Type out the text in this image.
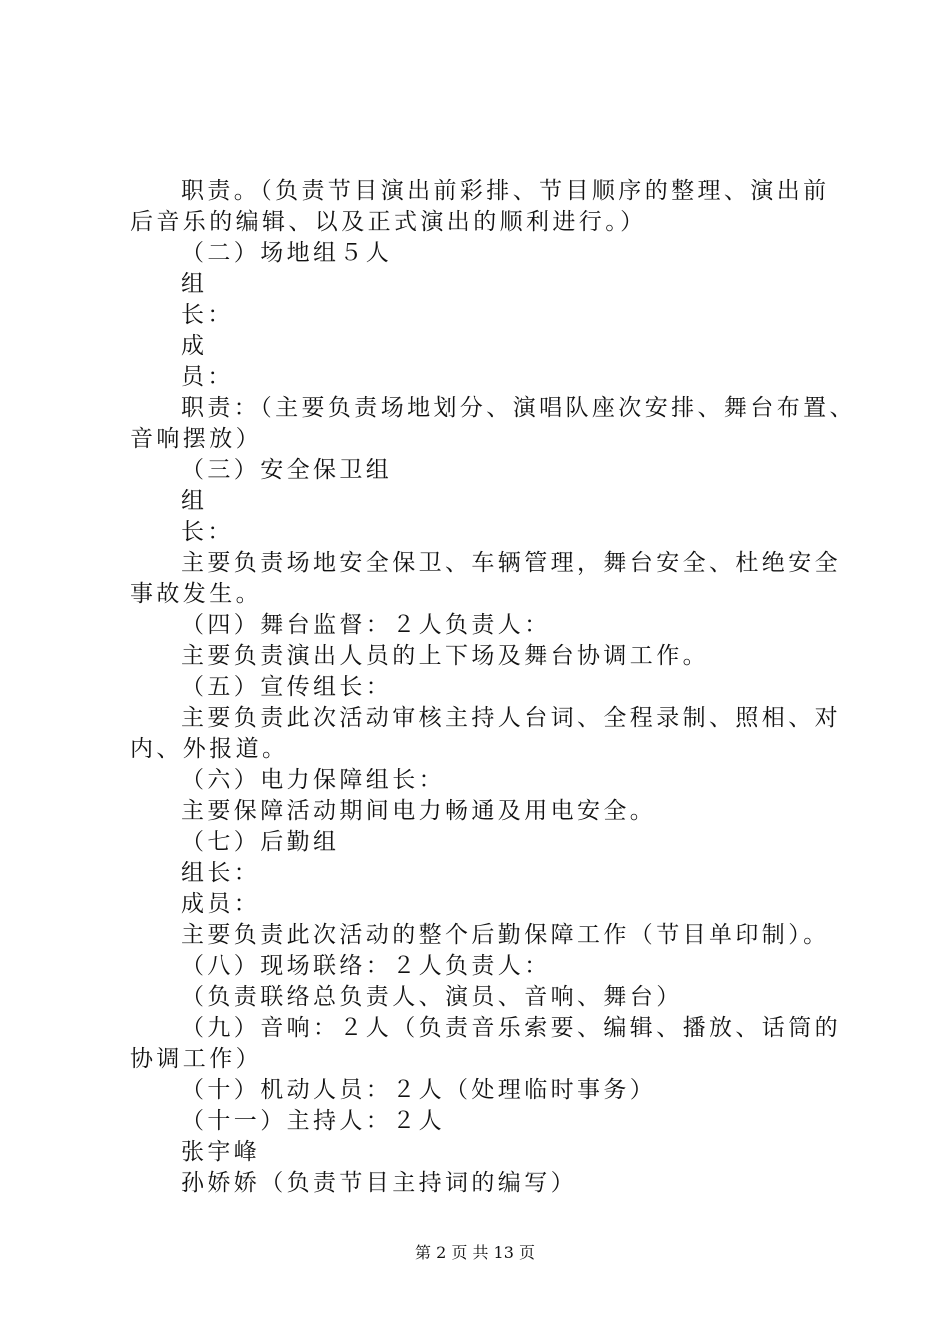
职责。（负责节目演出前彩排、节目顺序的整理、演出前
后音乐的编辑、以及正式演出的顺利进行。）
（二）场地组５人
组
长：
成
员：
职责：（主要负责场地划分、演唱队座次安排、舞台布置、
音响摆放）
（三）安全保卫组
组
长：
主要负责场地安全保卫、车辆管理，舞台安全、杜绝安全
事故发生。
（四）舞台监督：２人负责人：
主要负责演出人员的上下场及舞台协调工作。
（五）宣传组长：
主要负责此次活动审核主持人台词、全程录制、照相、对
内、外报道。
（六）电力保障组长：
主要保障活动期间电力畅通及用电安全。
（七）后勤组
组长：
成员：
主要负责此次活动的整个后勤保障工作（节目单印制）。
（八）现场联络：２人负责人：
（负责联络总负责人、演员、音响、舞台）
（九）音响：２人（负责音乐索要、编辑、播放、话筒的
协调工作）
（十）机动人员：２人（处理临时事务）
（十一）主持人：２人
张宇峰
孙娇娇（负责节目主持词的编写）
第 2 页 共 13 页
